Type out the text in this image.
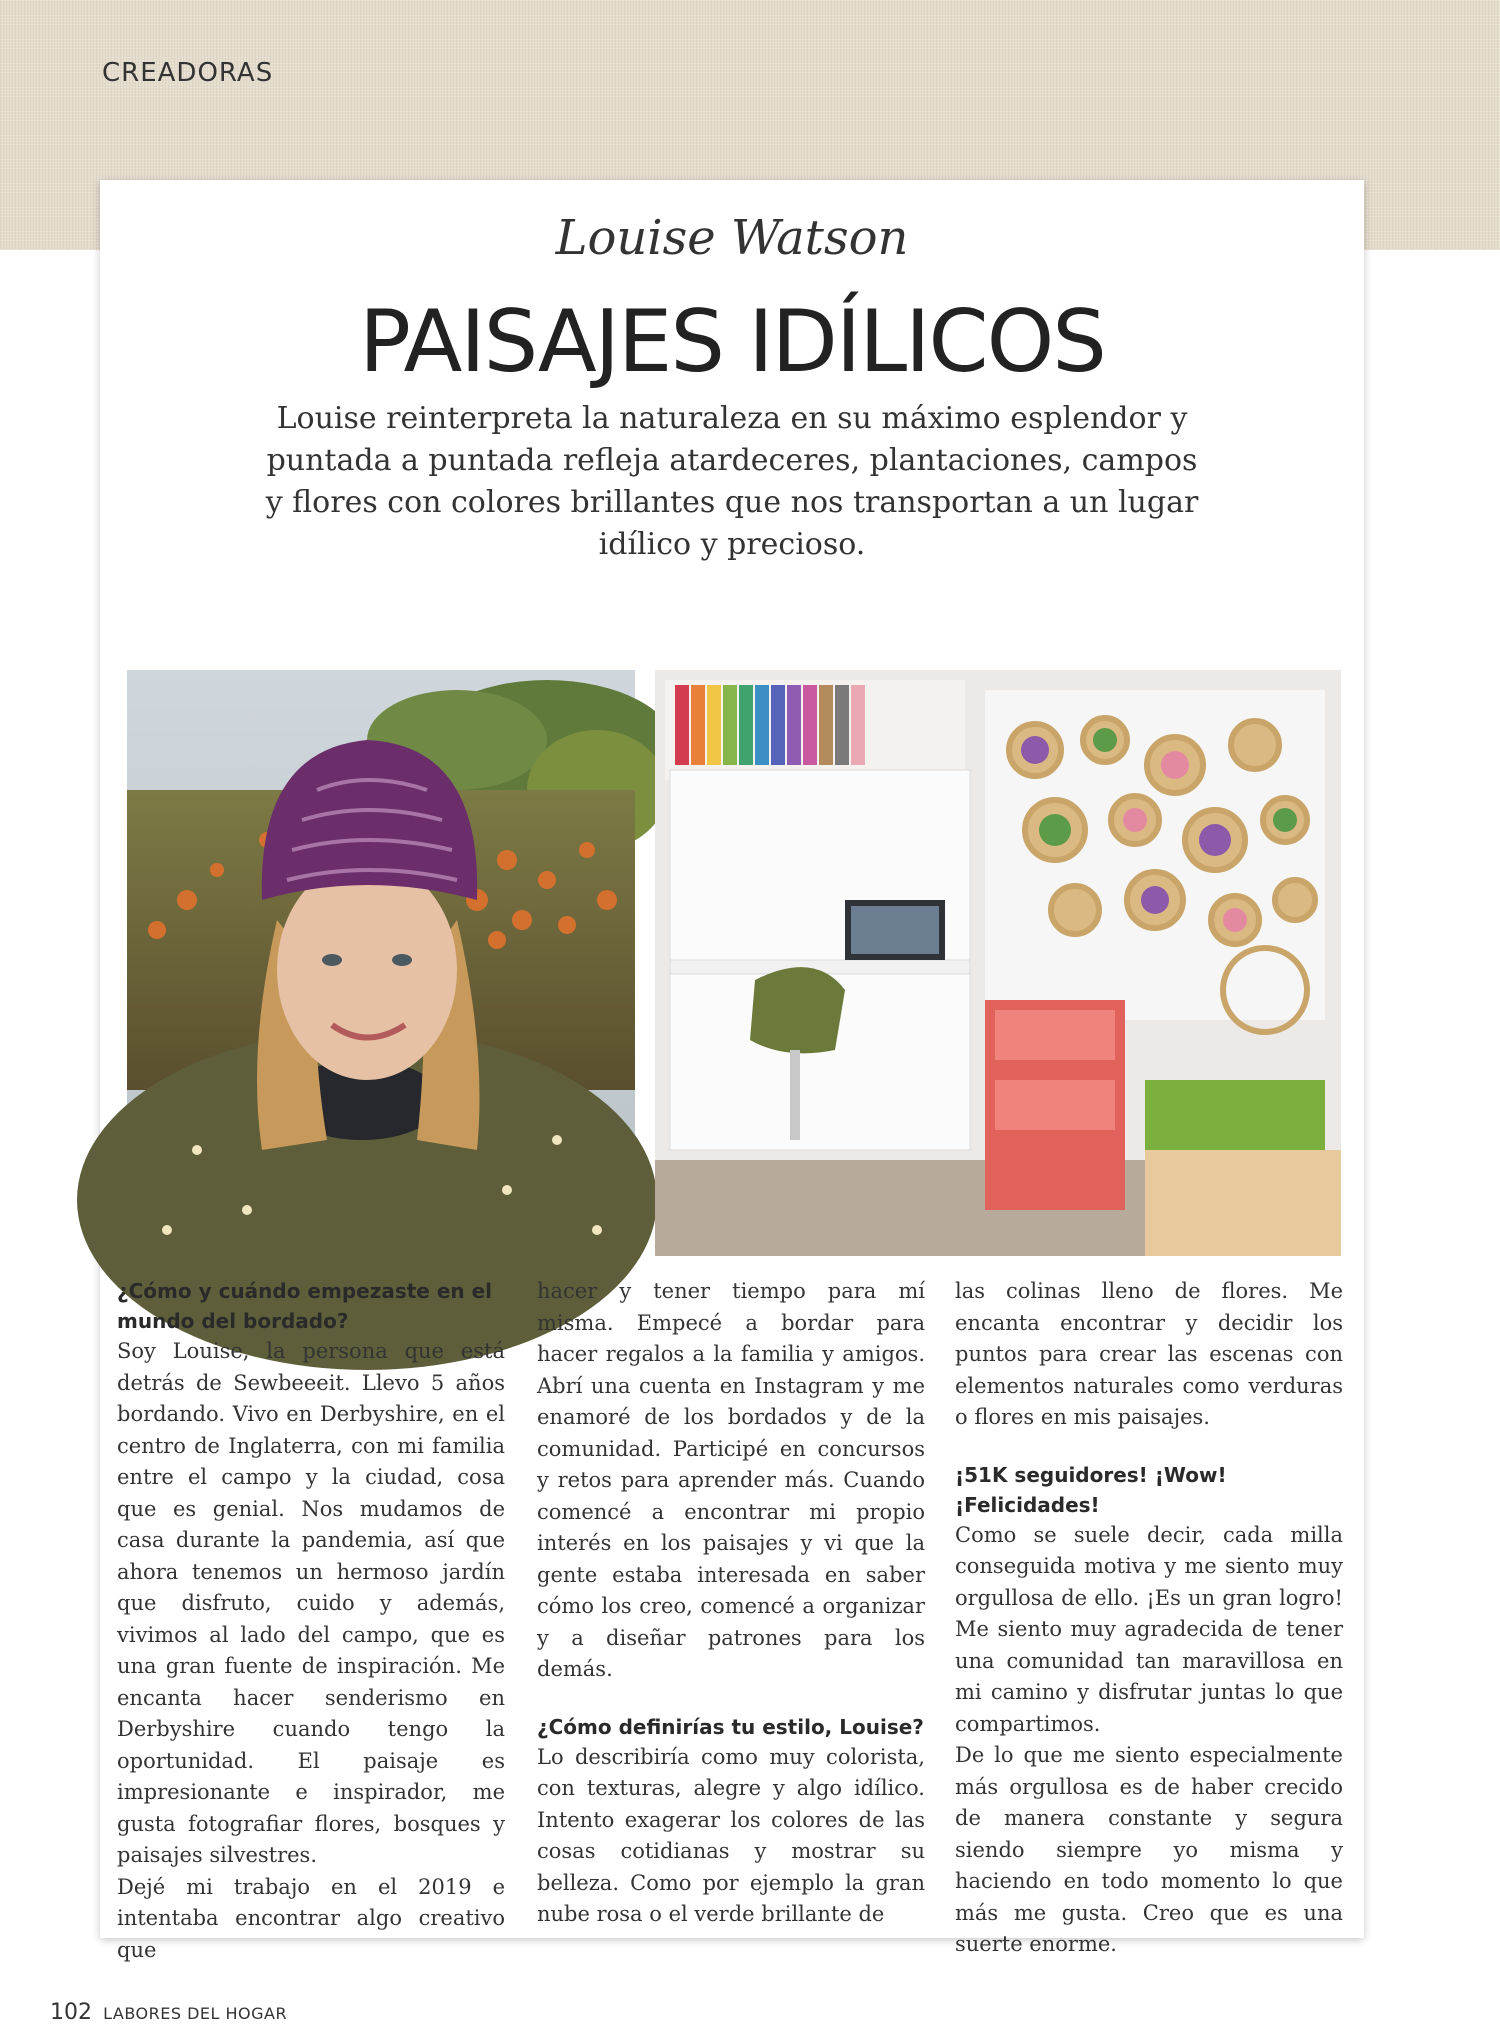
CREADORAS
Louise Watson
PAISAJES IDÍLICOS
Louise reinterpreta la naturaleza en su máximo esplendor y puntada a puntada refleja atardeceres, plantaciones, campos y flores con colores brillantes que nos transportan a un lugar idílico y precioso.

¿Cómo y cuándo empezaste en el mundo del bordado?

Soy Louise, la persona que está detrás de Sewbeeeit. Llevo 5 años bordando. Vivo en Derbyshire, en el centro de Inglaterra, con mi familia entre el campo y la ciudad, cosa que es genial. Nos mudamos de casa durante la pandemia, así que ahora tenemos un hermoso jardín que disfruto, cuido y además, vivimos al lado del campo, que es una gran fuente de inspiración. Me encanta hacer senderismo en Derbyshire cuando tengo la oportunidad. El paisaje es impresionante e inspirador, me gusta fotografiar flores, bosques y paisajes silvestres.

Dejé mi trabajo en el 2019 e intentaba encontrar algo creativo que

hacer y tener tiempo para mí misma. Empecé a bordar para hacer regalos a la familia y amigos. Abrí una cuenta en Instagram y me enamoré de los bordados y de la comunidad. Participé en concursos y retos para aprender más. Cuando comencé a encontrar mi propio interés en los paisajes y vi que la gente estaba interesada en saber cómo los creo, comencé a organizar y a diseñar patrones para los demás.

¿Cómo definirías tu estilo, Louise?

Lo describiría como muy colorista, con texturas, alegre y algo idílico. Intento exagerar los colores de las cosas cotidianas y mostrar su belleza. Como por ejemplo la gran nube rosa o el verde brillante de

las colinas lleno de flores. Me encanta encontrar y decidir los puntos para crear las escenas con elementos naturales como verduras o flores en mis paisajes.

¡51K seguidores! ¡Wow! ¡Felicidades!

Como se suele decir, cada milla conseguida motiva y me siento muy orgullosa de ello. ¡Es un gran logro! Me siento muy agradecida de tener una comunidad tan maravillosa en mi camino y disfrutar juntas lo que compartimos.

De lo que me siento especialmente más orgullosa es de haber crecido de manera constante y segura siendo siempre yo misma y haciendo en todo momento lo que más me gusta. Creo que es una suerte enorme.

102 LABORES DEL HOGAR
